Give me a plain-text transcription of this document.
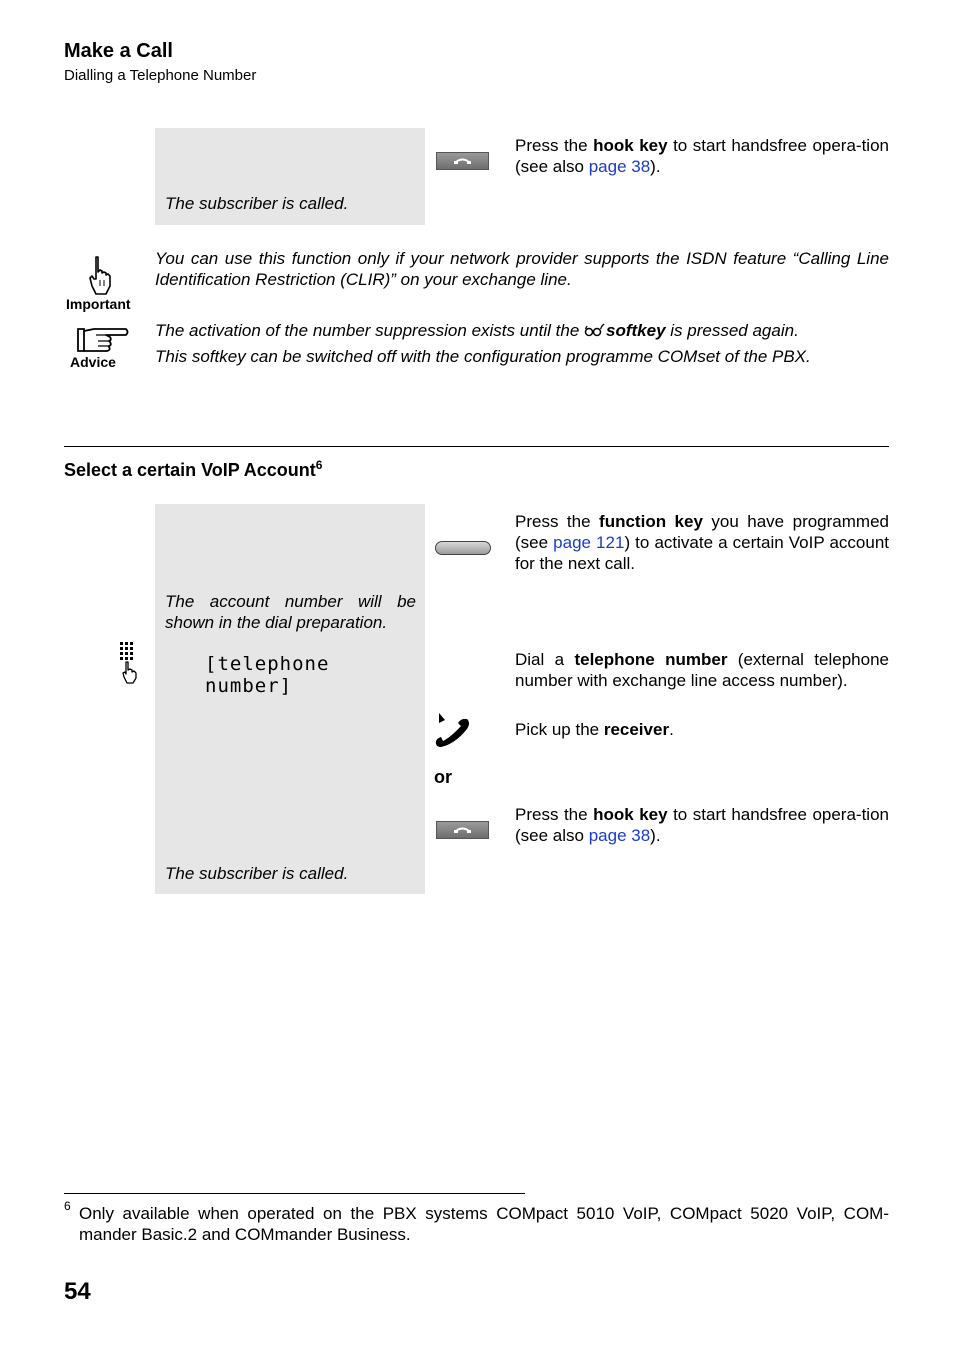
Make a Call
Dialling a Telephone Number
The subscriber is called.
Press the hook key to start handsfree opera-tion (see also page 38).
Important
You can use this function only if your network provider supports the ISDN feature “Calling Line Identification Restriction (CLIR)” on your exchange line.
Advice
The activation of the number suppression exists until the softkey is pressed again.
This softkey can be switched off with the configuration programme COMset of the PBX.
Select a certain VoIP Account$^6$
The account number will be shown in the dial preparation.
[telephone number]
The subscriber is called.
Press the function key you have programmed (see page 121) to activate a certain VoIP account for the next call.
Dial a telephone number (external telephone number with exchange line access number).
Pick up the receiver.
or
Press the hook key to start handsfree opera-tion (see also page 38).
6 Only available when operated on the PBX systems COMpact 5010 VoIP, COMpact 5020 VoIP, COM-mander Basic.2 and COMmander Business.
54
